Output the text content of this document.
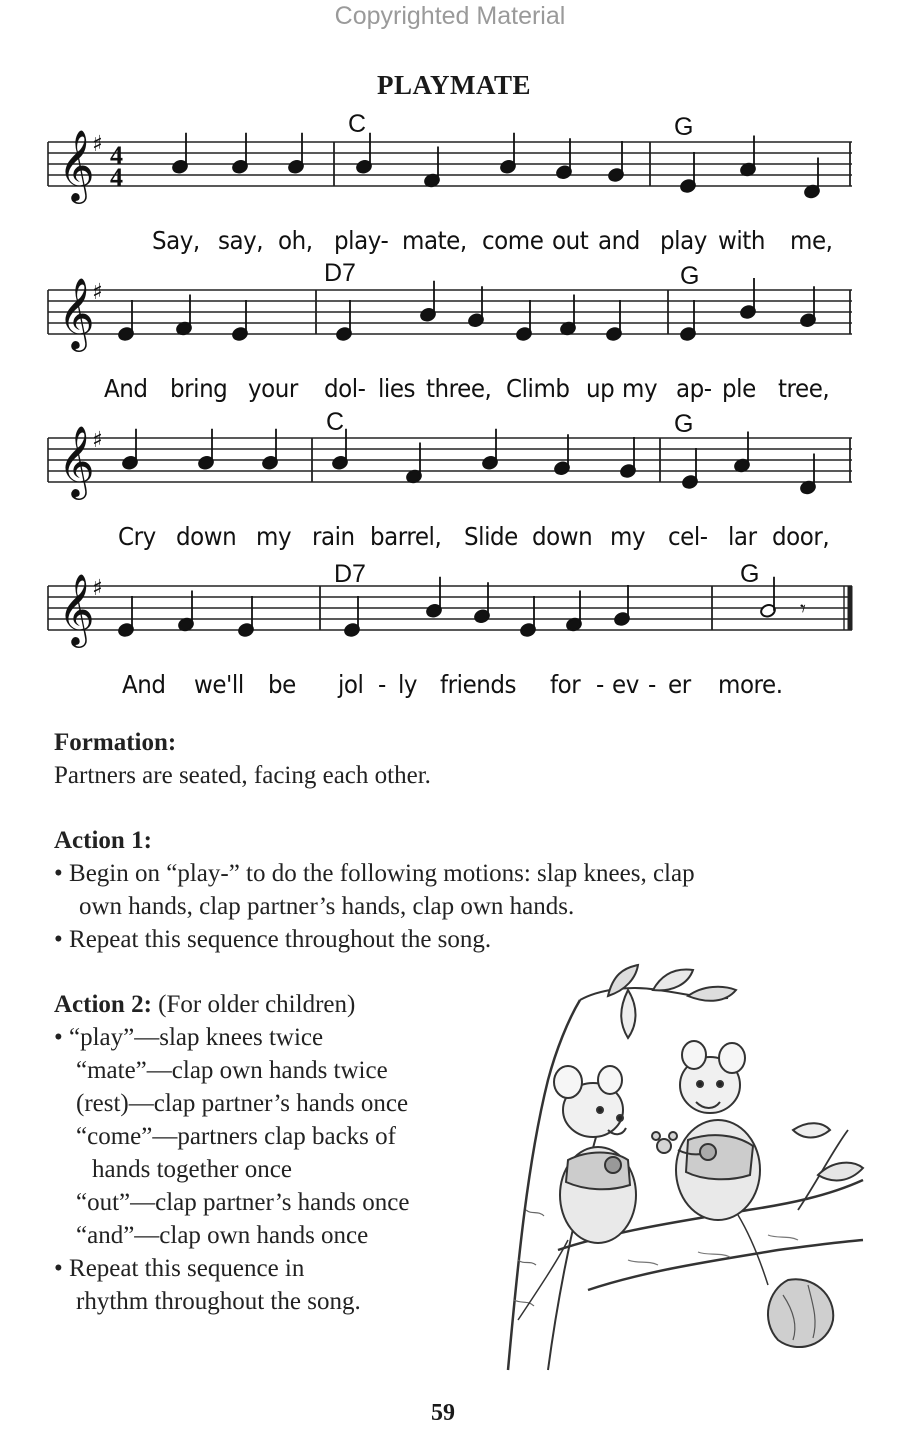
Copyrighted Material
PLAYMATE
𝄞
♯ 4
4
𝄞
♯
𝄞
♯
𝄞
♯
𝄾
C	G
D7	G
C	G
D7	G
Say, say, oh, play- mate, come out and play with me,
And bring your dol- lies three, Climb up my ap- ple tree,
Cry down my rain barrel, Slide down my cel- lar door,
And we'll be jol - ly friends for - ev - er more.
Formation:
Partners are seated, facing each other.
Action 1:
• Begin on “play-” to do the following motions: slap knees, clap
own hands, clap partner’s hands, clap own hands.
• Repeat this sequence throughout the song.
Action 2: (For older children)
• “play”—slap knees twice
“mate”—clap own hands twice
(rest)—clap partner’s hands once
“come”—partners clap backs of
hands together once
“out”—clap partner’s hands once
“and”—clap own hands once
• Repeat this sequence in
rhythm throughout the song.
59
